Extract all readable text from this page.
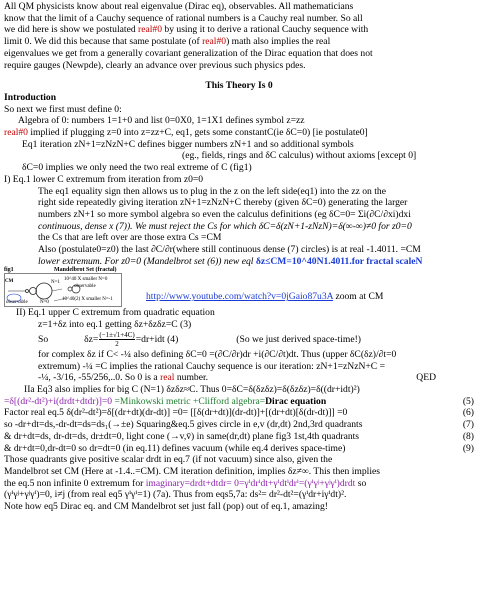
All QM physicists know about real eigenvalue (Dirac eq), observables. All mathematicians
know that the limit of a Cauchy sequence of rational numbers is a Cauchy real number. So all
we did here is show we postulated real#0 by using it to derive a rational Cauchy sequence with
limit 0. We did this because that same postulate (of real#0) math also implies the real
eigenvalues we get from a generally covariant generalization of the Dirac equation that does not
require gauges (Newpde), clearly an advance over previous such physics pdes.
This Theory Is 0
Introduction
So next we first must define 0:
Algebra of 0: numbers 1=1+0 and list 0=0X0, 1=1X1 defines symbol z=zz
real#0 implied if plugging z=0 into z=zz+C, eq1, gets some constantC(ie δC=0) [ie postulate0]
Eq1 iteration zN+1=zNzN+C defines bigger numbers zN+1 and so additional symbols
(eg., fields, rings and δC calculus) without axioms [except 0]
δC=0 implies we only need the two real extreme of C (fig1)
I) Eq.1 lower C extremum from iteration from z0=0
The eq1 equality sign then allows us to plug in the z on the left side(eq1) into the zz on the
right side repeatedly giving iteration zN+1=zNzN+C thereby (given δC=0) generating the larger
numbers zN+1 so more symbol algebra so even the calculus definitions (eg δC=0= Σi(∂C/∂xi)dxi
continuous, dense x (7)). We must reject the Cs for which δC=δ(zN+1-zNzN)=δ(∞-∞)≠0 for z0=0
the Cs that are left over are those extra Cs =CM
Also (postulate0=z0) the last ∂C/∂r(where still continuous dense (7) circles) is at real -1.4011. =CM
lower extremum. For z0=0 (Mandelbrot set (6)) new eql δz≤CM=10^40N1.4011.for fractal scaleN
fig1	Mandelbrot Set (fractal)
CM	N=1
10^40 X smaller N=0
observable
observable N=0
10^40(2) X smaller N=-1	http://www.youtube.com/watch?v=0jGaio87u3A zoom at CM
II) Eq.1 upper C extremum from quadratic equation
z=1+δz into eq.1 getting δz+δzδz=C (3)
So	$\delta z= \frac{(-1\pm√1+4C)}{2} =dr+idt$ (4)	(So we just derived space-time!)
for complex δz if C< -¼ also defining δC=0 =(∂C/∂r)dr +i(∂C/∂t)dt. Thus (upper δC(δz)/∂t=0
extremum) -¼ =C implies the rational Cauchy sequence is our iteration: zN+1=zNzN+C =
-¼, -3/16, -55/256,..0. So 0 is a real number.	QED
IIa Eq3 also implies for big C (N=1) δzδz≈C. Thus 0=δC=δ(δzδz)=δ(δzδz)=δ((dr+idt)²)
=δ[(dr²-dt²)+i(drdt+dtdr)]=0 =Minkowski metric +Clifford algebra=Dirac equation	(5)
Factor real eq.5 δ(dr²-dt²)=δ[(dr+dt)(dr-dt)] =0= [[δ(dr+dt)](dr-dt)]+[(dr+dt)[δ(dr-dt)]] =0	(6)
so -dr+dt=ds,-dr-dt=ds=ds₁(→±e) Squaring&eq.5 gives circle in e,v (dr,dt) 2nd,3rd quadrants	(7)
& dr+dt=ds, dr-dt=ds, dr±dt=0, light cone (→v,v̄) in same(dr,dt) plane fig3 1st,4th quadrants	(8)
& dr+dt=0,dr-dt=0 so dr=dt=0 (in eq.11) defines vacuum (while eq.4 derives space-time)	(9)
Those quadrants give positive scalar drdt in eq.7 (if not vacuum) since also, given the
Mandelbrot set CM (Here at -1.4..=CM). CM iteration definition, implies δz≠∞. This then implies
the eq.5 non infinite 0 extremum for imaginary=drdt+dtdr= 0=γⁱdrⁱdt+γⁱdtⁱdrⁱ=(γⁱγʲ+γʲγⁱ)drdt so
(γⁱγʲ+γʲγⁱ)=0, i≠j (from real eq5 γⁱγⁱ=1) (7a). Thus from eqs5,7a: ds²= dr²-dt²=(γⁱdr+iγⁱdt)².
Note how eq5 Dirac eq. and CM Mandelbrot set just fall (pop) out of eq.1, amazing!
